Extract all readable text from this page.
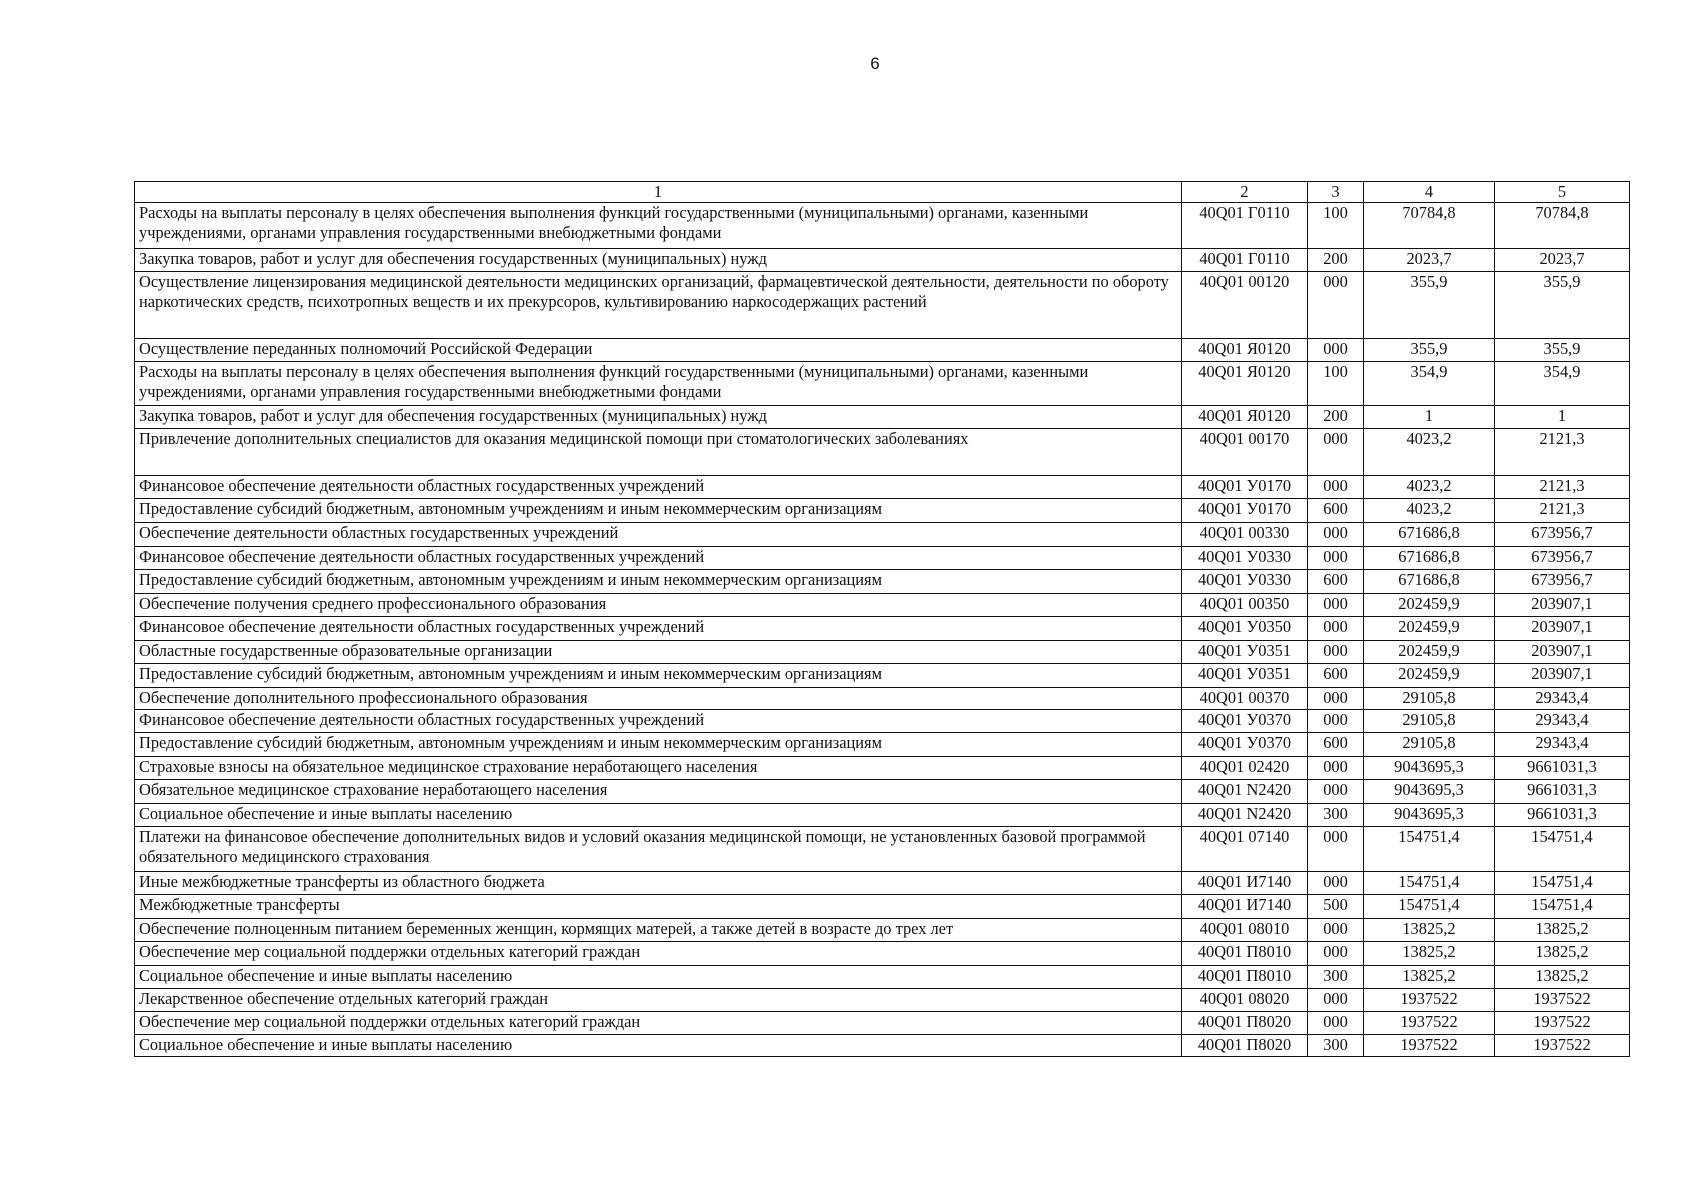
6
1	2	3	4	5
Расходы на выплаты персоналу в целях обеспечения выполнения функций государственными (муниципальными) органами, казенными учреждениями, органами управления государственными внебюджетными фондами	40Q01 Г0110	100	70784,8	70784,8
Закупка товаров, работ и услуг для обеспечения государственных (муниципальных) нужд	40Q01 Г0110	200	2023,7	2023,7
Осуществление лицензирования медицинской деятельности медицинских организаций, фармацевтической деятельности, деятельности по обороту наркотических средств, психотропных веществ и их прекурсоров, культивированию наркосодержащих растений	40Q01 00120	000	355,9	355,9
Осуществление переданных полномочий Российской Федерации	40Q01 Я0120	000	355,9	355,9
Расходы на выплаты персоналу в целях обеспечения выполнения функций государственными (муниципальными) органами, казенными учреждениями, органами управления государственными внебюджетными фондами	40Q01 Я0120	100	354,9	354,9
Закупка товаров, работ и услуг для обеспечения государственных (муниципальных) нужд	40Q01 Я0120	200	1	1
Привлечение дополнительных специалистов для оказания медицинской помощи при стоматологических заболеваниях	40Q01 00170	000	4023,2	2121,3
Финансовое обеспечение деятельности областных государственных учреждений	40Q01 У0170	000	4023,2	2121,3
Предоставление субсидий бюджетным, автономным учреждениям и иным некоммерческим организациям	40Q01 У0170	600	4023,2	2121,3
Обеспечение деятельности областных государственных учреждений	40Q01 00330	000	671686,8	673956,7
Финансовое обеспечение деятельности областных государственных учреждений	40Q01 У0330	000	671686,8	673956,7
Предоставление субсидий бюджетным, автономным учреждениям и иным некоммерческим организациям	40Q01 У0330	600	671686,8	673956,7
Обеспечение получения среднего профессионального образования	40Q01 00350	000	202459,9	203907,1
Финансовое обеспечение деятельности областных государственных учреждений	40Q01 У0350	000	202459,9	203907,1
Областные государственные образовательные организации	40Q01 У0351	000	202459,9	203907,1
Предоставление субсидий бюджетным, автономным учреждениям и иным некоммерческим организациям	40Q01 У0351	600	202459,9	203907,1
Обеспечение дополнительного профессионального образования	40Q01 00370	000	29105,8	29343,4
Финансовое обеспечение деятельности областных государственных учреждений	40Q01 У0370	000	29105,8	29343,4
Предоставление субсидий бюджетным, автономным учреждениям и иным некоммерческим организациям	40Q01 У0370	600	29105,8	29343,4
Страховые взносы на обязательное медицинское страхование неработающего населения	40Q01 02420	000	9043695,3	9661031,3
Обязательное медицинское страхование неработающего населения	40Q01 N2420	000	9043695,3	9661031,3
Социальное обеспечение и иные выплаты населению	40Q01 N2420	300	9043695,3	9661031,3
Платежи на финансовое обеспечение дополнительных видов и условий оказания медицинской помощи, не установленных базовой программой обязательного медицинского страхования	40Q01 07140	000	154751,4	154751,4
Иные межбюджетные трансферты из областного бюджета	40Q01 И7140	000	154751,4	154751,4
Межбюджетные трансферты	40Q01 И7140	500	154751,4	154751,4
Обеспечение полноценным питанием беременных женщин, кормящих матерей, а также детей в возрасте до трех лет	40Q01 08010	000	13825,2	13825,2
Обеспечение мер социальной поддержки отдельных категорий граждан	40Q01 П8010	000	13825,2	13825,2
Социальное обеспечение и иные выплаты населению	40Q01 П8010	300	13825,2	13825,2
Лекарственное обеспечение отдельных категорий граждан	40Q01 08020	000	1937522	1937522
Обеспечение мер социальной поддержки отдельных категорий граждан	40Q01 П8020	000	1937522	1937522
Социальное обеспечение и иные выплаты населению	40Q01 П8020	300	1937522	1937522
